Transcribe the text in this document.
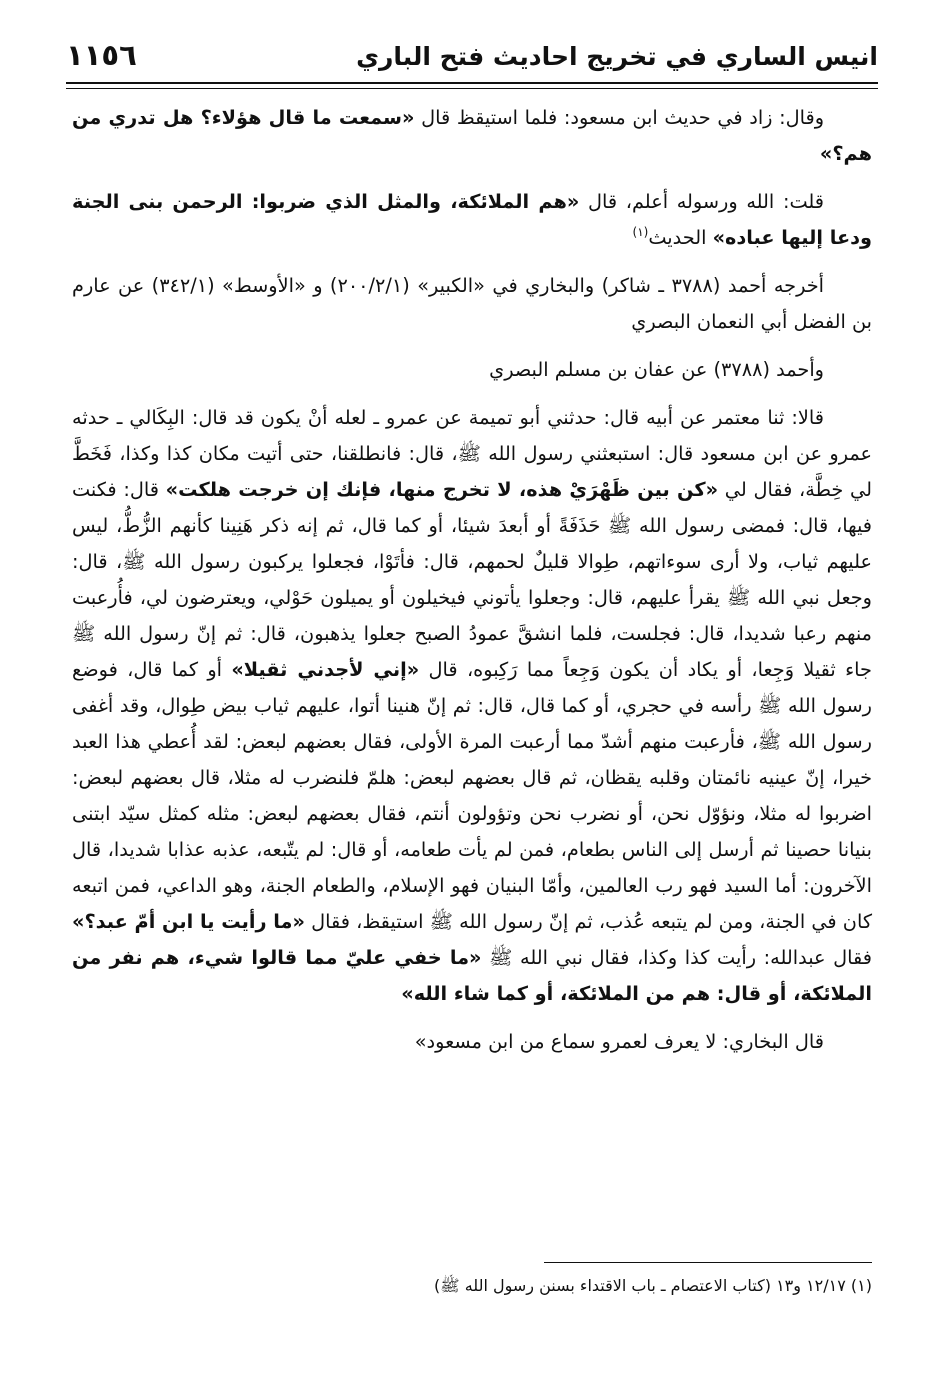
انيس الساري في تخريج احاديث فتح الباري
١١٥٦

وقال: زاد في حديث ابن مسعود: فلما استيقظ قال «سمعت ما قال هؤلاء؟ هل تدري من هم؟»

قلت: الله ورسوله أعلم، قال «هم الملائكة، والمثل الذي ضربوا: الرحمن بنى الجنة ودعا إليها عباده» الحديث$^{(١)}$

أخرجه أحمد (٣٧٨٨ ـ شاكر) والبخاري في «الكبير» (٢٠٠/٢/١) و «الأوسط» (٣٤٢/١) عن عارم بن الفضل أبي النعمان البصري

وأحمد (٣٧٨٨) عن عفان بن مسلم البصري

قالا: ثنا معتمر عن أبيه قال: حدثني أبو تميمة عن عمرو ـ لعله أنْ يكون قد قال: البِكَالي ـ حدثه عمرو عن ابن مسعود قال: استبعثني رسول الله ﷺ، قال: فانطلقنا، حتى أتيت مكان كذا وكذا، فَخَطَّ لي خِطَّة، فقال لي «كن بين ظَهْرَيْ هذه، لا تخرج منها، فإنك إن خرجت هلكت» قال: فكنت فيها، قال: فمضى رسول الله ﷺ حَذَفَةً أو أبعدَ شيئا، أو كما قال، ثم إنه ذكر هَنِينا كأنهم الزُّطُّ، ليس عليهم ثياب، ولا أرى سوءاتهم، طِوالا قليلٌ لحمهم، قال: فأتَوْا، فجعلوا يركبون رسول الله ﷺ، قال: وجعل نبي الله ﷺ يقرأ عليهم، قال: وجعلوا يأتوني فيخيلون أو يميلون حَوْلي، ويعترضون لي، فأُرعبت منهم رعبا شديدا، قال: فجلست، فلما انشقَّ عمودُ الصبح جعلوا يذهبون، قال: ثم إنّ رسول الله ﷺ جاء ثقيلا وَجِعا، أو يكاد أن يكون وَجِعاً مما رَكِبوه، قال «إني لأجدني ثقيلا» أو كما قال، فوضع رسول الله ﷺ رأسه في حجري، أو كما قال، قال: ثم إنّ هنينا أتوا، عليهم ثياب بيض طِوال، وقد أغفى رسول الله ﷺ، فأرعبت منهم أشدّ مما أرعبت المرة الأولى، فقال بعضهم لبعض: لقد أُعطي هذا العبد خيرا، إنّ عينيه نائمتان وقلبه يقظان، ثم قال بعضهم لبعض: هلمّ فلنضرب له مثلا، قال بعضهم لبعض: اضربوا له مثلا، ونؤوّل نحن، أو نضرب نحن وتؤولون أنتم، فقال بعضهم لبعض: مثله كمثل سيّد ابتنى بنيانا حصينا ثم أرسل إلى الناس بطعام، فمن لم يأت طعامه، أو قال: لم يتّبعه، عذبه عذابا شديدا، قال الآخرون: أما السيد فهو رب العالمين، وأمّا البنيان فهو الإسلام، والطعام الجنة، وهو الداعي، فمن اتبعه كان في الجنة، ومن لم يتبعه عُذب، ثم إنّ رسول الله ﷺ استيقظ، فقال «ما رأيت يا ابن أمّ عبد؟» فقال عبدالله: رأيت كذا وكذا، فقال نبي الله ﷺ «ما خفي عليّ مما قالوا شيء، هم نفر من الملائكة، أو قال: هم من الملائكة، أو كما شاء الله»

قال البخاري: لا يعرف لعمرو سماع من ابن مسعود»

(١) ١٢/١٧ و١٣ (كتاب الاعتصام ـ باب الاقتداء بسنن رسول الله ﷺ)
